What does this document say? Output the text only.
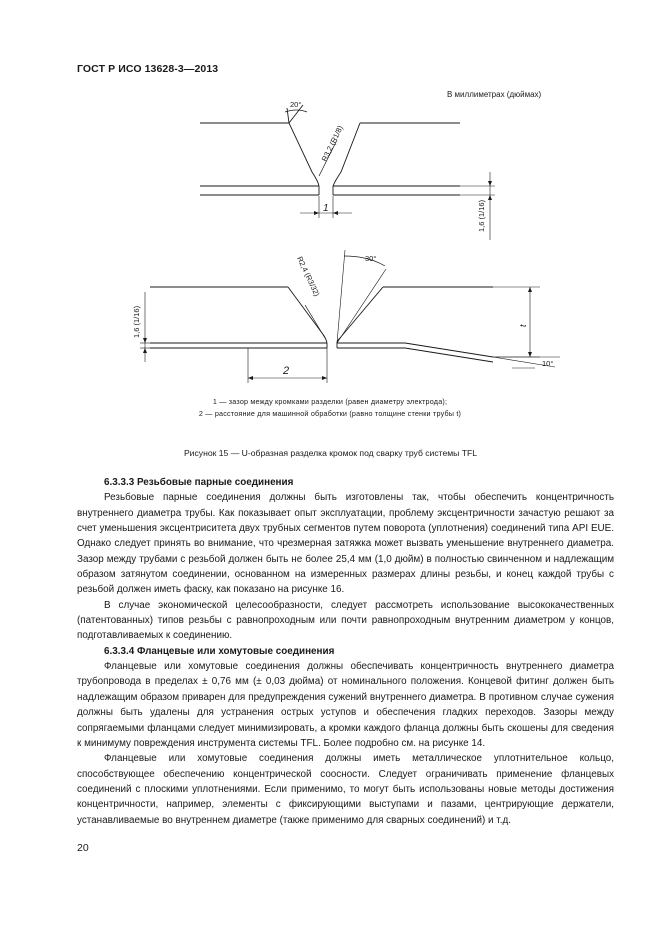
ГОСТ Р ИСО 13628-3—2013
В миллиметрах (дюймах)
20°
R3,2 (R1/8)
1	1,6 (1/16)
R2,4 (R3/32)	30°
1,6 (1/16)	t
2
10°
1 — зазор между кромками разделки (равен диаметру электрода);
2 — расстояние для машинной обработки (равно толщине стенки трубы t)
Рисунок 15 — U-образная разделка кромок под сварку труб системы TFL
6.3.3.3 Резьбовые парные соединения
Резьбовые парные соединения должны быть изготовлены так, чтобы обеспечить концентричность внутреннего диаметра трубы. Как показывает опыт эксплуатации, проблему эксцентричности зачастую решают за счет уменьшения эксцентриситета двух трубных сегментов путем поворота (уплотнения) соединений типа API EUE. Однако следует принять во внимание, что чрезмерная затяжка может вызвать уменьшение внутреннего диаметра. Зазор между трубами с резьбой должен быть не более 25,4 мм (1,0 дюйм) в полностью свинченном и надлежащим образом затянутом соединении, основанном на измеренных размерах длины резьбы, и конец каждой трубы с резьбой должен иметь фаску, как показано на рисунке 16.
В случае экономической целесообразности, следует рассмотреть использование высококачественных (патентованных) типов резьбы с равнопроходным или почти равнопроходным внутренним диаметром у концов, подготавливаемых к соединению.
6.3.3.4 Фланцевые или хомутовые соединения
Фланцевые или хомутовые соединения должны обеспечивать концентричность внутреннего диаметра трубопровода в пределах ± 0,76 мм (± 0,03 дюйма) от номинального положения. Концевой фитинг должен быть надлежащим образом приварен для предупреждения сужений внутреннего диаметра. В противном случае сужения должны быть удалены для устранения острых уступов и обеспечения гладких переходов. Зазоры между сопрягаемыми фланцами следует минимизировать, а кромки каждого фланца должны быть скошены для сведения к минимуму повреждения инструмента системы TFL. Более подробно см. на рисунке 14.
Фланцевые или хомутовые соединения должны иметь металлическое уплотнительное кольцо, способствующее обеспечению концентрической соосности. Следует ограничивать применение фланцевых соединений с плоскими уплотнениями. Если применимо, то могут быть использованы новые методы достижения концентричности, например, элементы с фиксирующими выступами и пазами, центрирующие держатели, устанавливаемые во внутреннем диаметре (также применимо для сварных соединений) и т.д.
20
